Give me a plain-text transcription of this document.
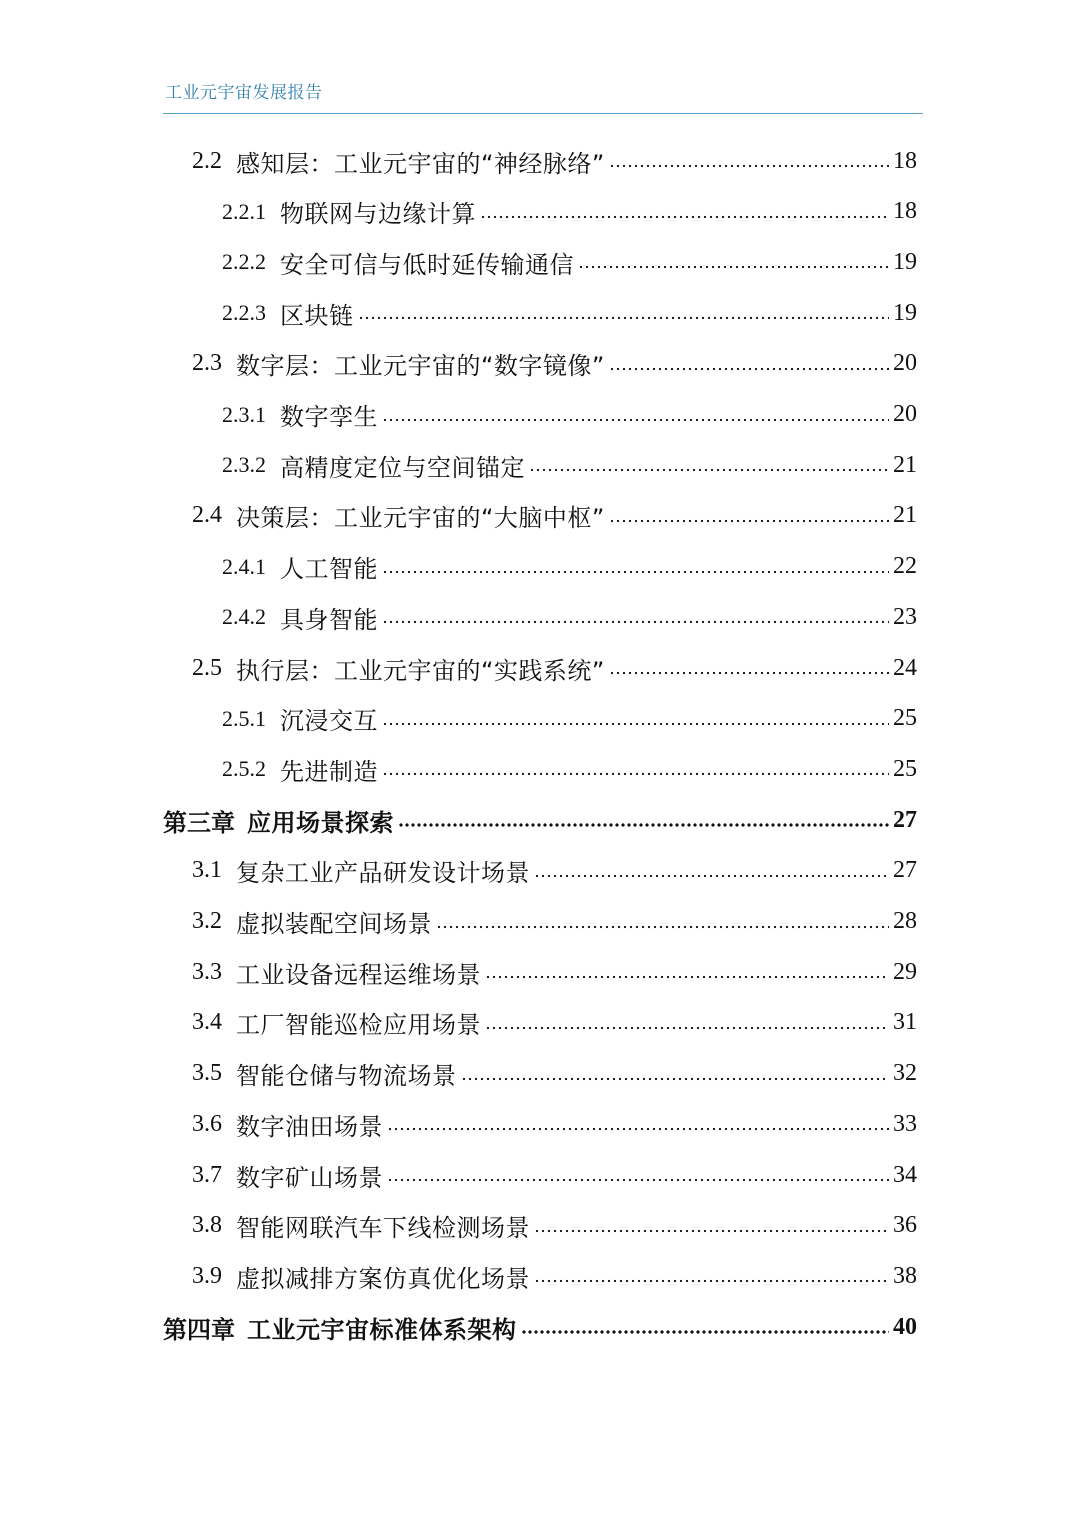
工业元宇宙发展报告
2.2 感知层：工业元宇宙的“神经脉络”	18
2.2.1 物联网与边缘计算	18
2.2.2 安全可信与低时延传输通信	19
2.2.3 区块链	19
2.3 数字层：工业元宇宙的“数字镜像”	20
2.3.1 数字孪生	20
2.3.2 高精度定位与空间锚定	21
2.4 决策层：工业元宇宙的“大脑中枢”	21
2.4.1 人工智能	22
2.4.2 具身智能	23
2.5 执行层：工业元宇宙的“实践系统”	24
2.5.1 沉浸交互	25
2.5.2 先进制造	25
第三章 应用场景探索	27
3.1 复杂工业产品研发设计场景	27
3.2 虚拟装配空间场景	28
3.3 工业设备远程运维场景	29
3.4 工厂智能巡检应用场景	31
3.5 智能仓储与物流场景	32
3.6 数字油田场景	33
3.7 数字矿山场景	34
3.8 智能网联汽车下线检测场景	36
3.9 虚拟减排方案仿真优化场景	38
第四章 工业元宇宙标准体系架构	40
